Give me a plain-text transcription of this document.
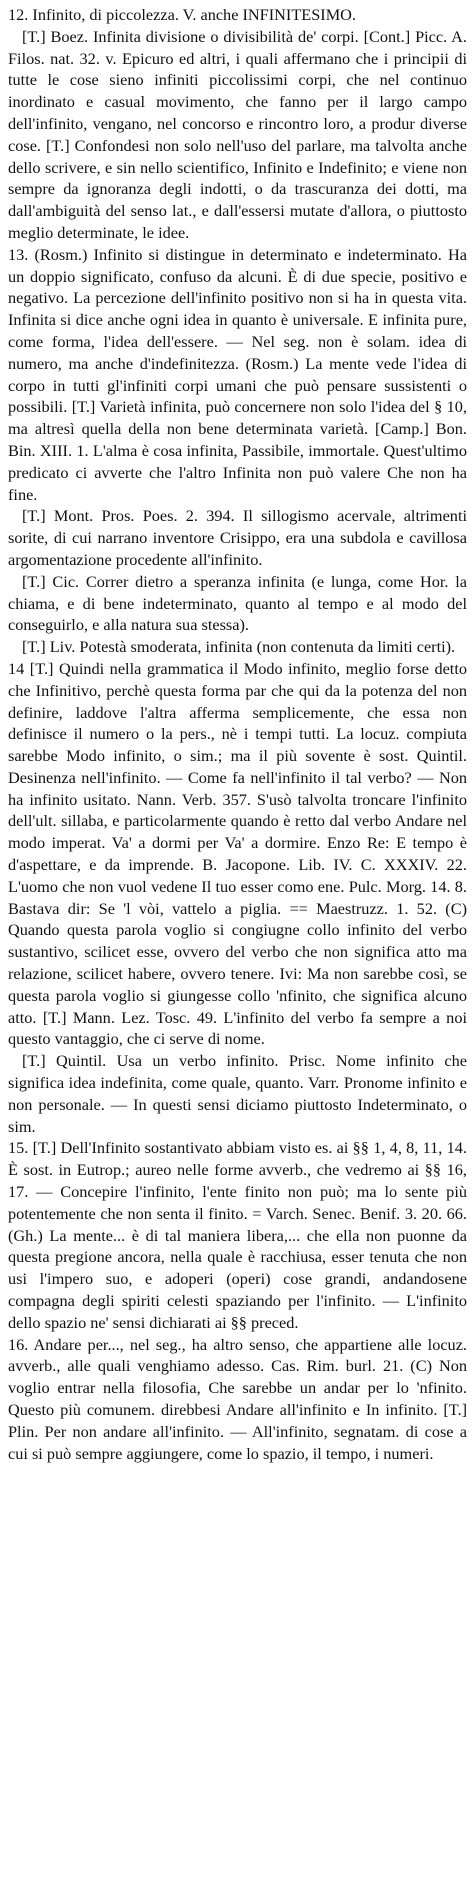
12. Infinito, di piccolezza. V. anche INFINITESIMO.

[T.] Boez. Infinita divisione o divisibilità de' corpi. [Cont.] Picc. A. Filos. nat. 32. v. Epicuro ed altri, i quali affermano che i principii di tutte le cose sieno infiniti piccolissimi corpi, che nel continuo inordinato e casual movimento, che fanno per il largo campo dell'infinito, vengano, nel concorso e rincontro loro, a produr diverse cose. [T.] Confondesi non solo nell'uso del parlare, ma talvolta anche dello scrivere, e sin nello scientifico, Infinito e Indefinito; e viene non sempre da ignoranza degli indotti, o da trascuranza dei dotti, ma dall'ambiguità del senso lat., e dall'essersi mutate d'allora, o piuttosto meglio determinate, le idee.

13. (Rosm.) Infinito si distingue in determinato e indeterminato. Ha un doppio significato, confuso da alcuni. È di due specie, positivo e negativo. La percezione dell'infinito positivo non si ha in questa vita. Infinita si dice anche ogni idea in quanto è universale. E infinita pure, come forma, l'idea dell'essere. — Nel seg. non è solam. idea di numero, ma anche d'indefinitezza. (Rosm.) La mente vede l'idea di corpo in tutti gl'infiniti corpi umani che può pensare sussistenti o possibili. [T.] Varietà infinita, può concernere non solo l'idea del § 10, ma altresì quella della non bene determinata varietà. [Camp.] Bon. Bin. XIII. 1. L'alma è cosa infinita, Passibile, immortale. Quest'ultimo predicato ci avverte che l'altro Infinita non può valere Che non ha fine.

[T.] Mont. Pros. Poes. 2. 394. Il sillogismo acervale, altrimenti sorite, di cui narrano inventore Crisippo, era una subdola e cavillosa argomentazione procedente all'infinito.

[T.] Cic. Correr dietro a speranza infinita (e lunga, come Hor. la chiama, e di bene indeterminato, quanto al tempo e al modo del conseguirlo, e alla natura sua stessa).

[T.] Liv. Potestà smoderata, infinita (non contenuta da limiti certi).

14 [T.] Quindi nella grammatica il Modo infinito, meglio forse detto che Infinitivo, perchè questa forma par che qui da la potenza del non definire, laddove l'altra afferma semplicemente, che essa non definisce il numero o la pers., nè i tempi tutti. La locuz. compiuta sarebbe Modo infinito, o sim.; ma il più sovente è sost. Quintil. Desinenza nell'infinito. — Come fa nell'infinito il tal verbo? — Non ha infinito usitato. Nann. Verb. 357. S'usò talvolta troncare l'infinito dell'ult. sillaba, e particolarmente quando è retto dal verbo Andare nel modo imperat. Va' a dormi per Va' a dormire. Enzo Re: E tempo è d'aspettare, e da imprende. B. Jacopone. Lib. IV. C. XXXIV. 22. L'uomo che non vuol vedene Il tuo esser como ene. Pulc. Morg. 14. 8. Bastava dir: Se 'l vòi, vattelo a piglia. == Maestruzz. 1. 52. (C) Quando questa parola voglio si congiugne collo infinito del verbo sustantivo, scilicet esse, ovvero del verbo che non significa atto ma relazione, scilicet habere, ovvero tenere. Ivi: Ma non sarebbe così, se questa parola voglio si giungesse collo 'nfinito, che significa alcuno atto. [T.] Mann. Lez. Tosc. 49. L'infinito del verbo fa sempre a noi questo vantaggio, che ci serve di nome.

[T.] Quintil. Usa un verbo infinito. Prisc. Nome infinito che significa idea indefinita, come quale, quanto. Varr. Pronome infinito e non personale. — In questi sensi diciamo piuttosto Indeterminato, o sim.

15. [T.] Dell'Infinito sostantivato abbiam visto es. ai §§ 1, 4, 8, 11, 14. È sost. in Eutrop.; aureo nelle forme avverb., che vedremo ai §§ 16, 17. — Concepire l'infinito, l'ente finito non può; ma lo sente più potentemente che non senta il finito. = Varch. Senec. Benif. 3. 20. 66. (Gh.) La mente... è di tal maniera libera,... che ella non puonne da questa pregione ancora, nella quale è racchiusa, esser tenuta che non usi l'impero suo, e adoperi (operi) cose grandi, andandosene compagna degli spiriti celesti spaziando per l'infinito. — L'infinito dello spazio ne' sensi dichiarati ai §§ preced.

16. Andare per..., nel seg., ha altro senso, che appartiene alle locuz. avverb., alle quali venghiamo adesso. Cas. Rim. burl. 21. (C) Non voglio entrar nella filosofia, Che sarebbe un andar per lo 'nfinito. Questo più comunem. direbbesi Andare all'infinito e In infinito. [T.] Plin. Per non andare all'infinito. — All'infinito, segnatam. di cose a cui si può sempre aggiungere, come lo spazio, il tempo, i numeri.
